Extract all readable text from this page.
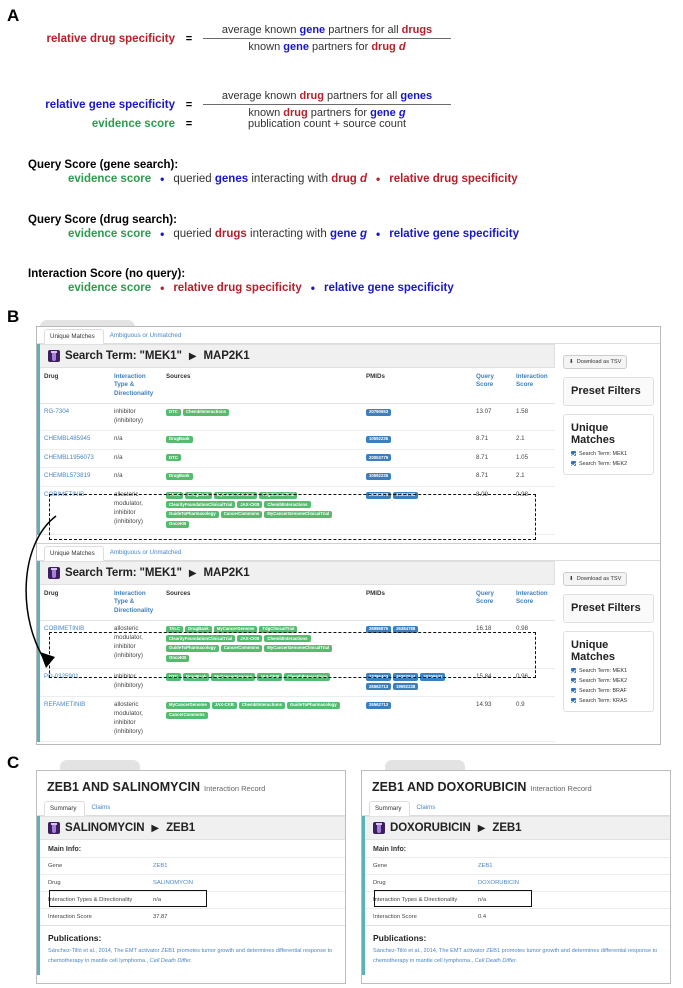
A
relative drug specificity = $\frac{\text{average known gene partners for all drugs}}{\text{known gene partners for drug d}}$
relative gene specificity = $\frac{\text{average known drug partners for all genes}}{\text{known drug partners for gene g}}$
evidence score =	publication count + source count
Query Score (gene search):
evidence score • queried genes interacting with drug d • relative drug specificity
Query Score (drug search):
evidence score • queried drugs interacting with gene g • relative gene specificity
Interaction Score (no query):
evidence score • relative drug specificity • relative gene specificity
B
Unique Matches	Ambiguous or Unmatched
Search Term: "MEK1" ▶ MAP2K1
Drug	Interaction Type & Directionality	Sources	PMIDs	Query Score	Interaction Score
RG-7304	inhibitor (inhibitory)	DTC ChemblInteractions	20790653	13.07	1.58
CHEMBL485945	n/a	DrugBank	10592235	8.71	2.1
CHEMBL1956073	n/a	DTC	20053779	8.71	1.05
CHEMBL573819	n/a	DrugBank	10592235	8.71	2.1
COBIMETINIB	allosteric modulator, inhibitor (inhibitory)	TALC DrugBank MyCancerGenome TdgClinicalTrialClearityFoundationClinicalTrial JAX-CKB ChemblInteractionsGuideToPharmacology CancerCommons MyCancerGenomeClinicalTrialOncoKB	26986875 26384788	8.09	0.98
⬇ Download as TSV
Preset Filters
Unique Matches
Search Term: MEK1
Search Term: MEK2
Unique Matches	Ambiguous or Unmatched
Search Term: "MEK1" ▶ MAP2K1
Drug	Interaction Type & Directionality	Sources	PMIDs	Query Score	Interaction Score
COBIMETINIB	allosteric modulator, inhibitor (inhibitory)	TALC DrugBank MyCancerGenome TdgClinicalTrialClearityFoundationClinicalTrial JAX-CKB ChemblInteractionsGuideToPharmacology CancerCommons MyCancerGenomeClinicalTrialOncoKB	26986875 26384788	16.18	0.98
PD-0325901	inhibitor (inhibitory)	DTC DrugBank MyCancerGenome JAX-CKB ChemblInteractions	23396403 26267534 2070663326562713 19592238	15.84	0.96
REFAMETINIB	allosteric modulator, inhibitor (inhibitory)	MyCancerGenome JAX-CKB ChemblInteractions GuideToPharmacologyCancerCommons	26562713	14.93	0.9
⬇ Download as TSV
Preset Filters
Unique Matches
Search Term: MEK1
Search Term: MEK2
Search Term: BRAF
Search Term: KRAS
C
ZEB1 AND SALINOMYCIN Interaction Record
Summary	Claims
SALINOMYCIN ▶ ZEB1
Main Info:
Gene	ZEB1
Drug	SALINOMYCIN
Interaction Types & Directionality	n/a
Interaction Score	37.87
Publications:
Sánchez-Tilló et al., 2014, The EMT activator ZEB1 promotes tumor growth and determines differential response to chemotherapy in mantle cell lymphoma., Cell Death Differ.
ZEB1 AND DOXORUBICIN Interaction Record
Summary	Claims
DOXORUBICIN ▶ ZEB1
Main Info:
Gene	ZEB1
Drug	DOXORUBICIN
Interaction Types & Directionality	n/a
Interaction Score	0.4
Publications:
Sánchez-Tilló et al., 2014, The EMT activator ZEB1 promotes tumor growth and determines differential response to chemotherapy in mantle cell lymphoma., Cell Death Differ.
